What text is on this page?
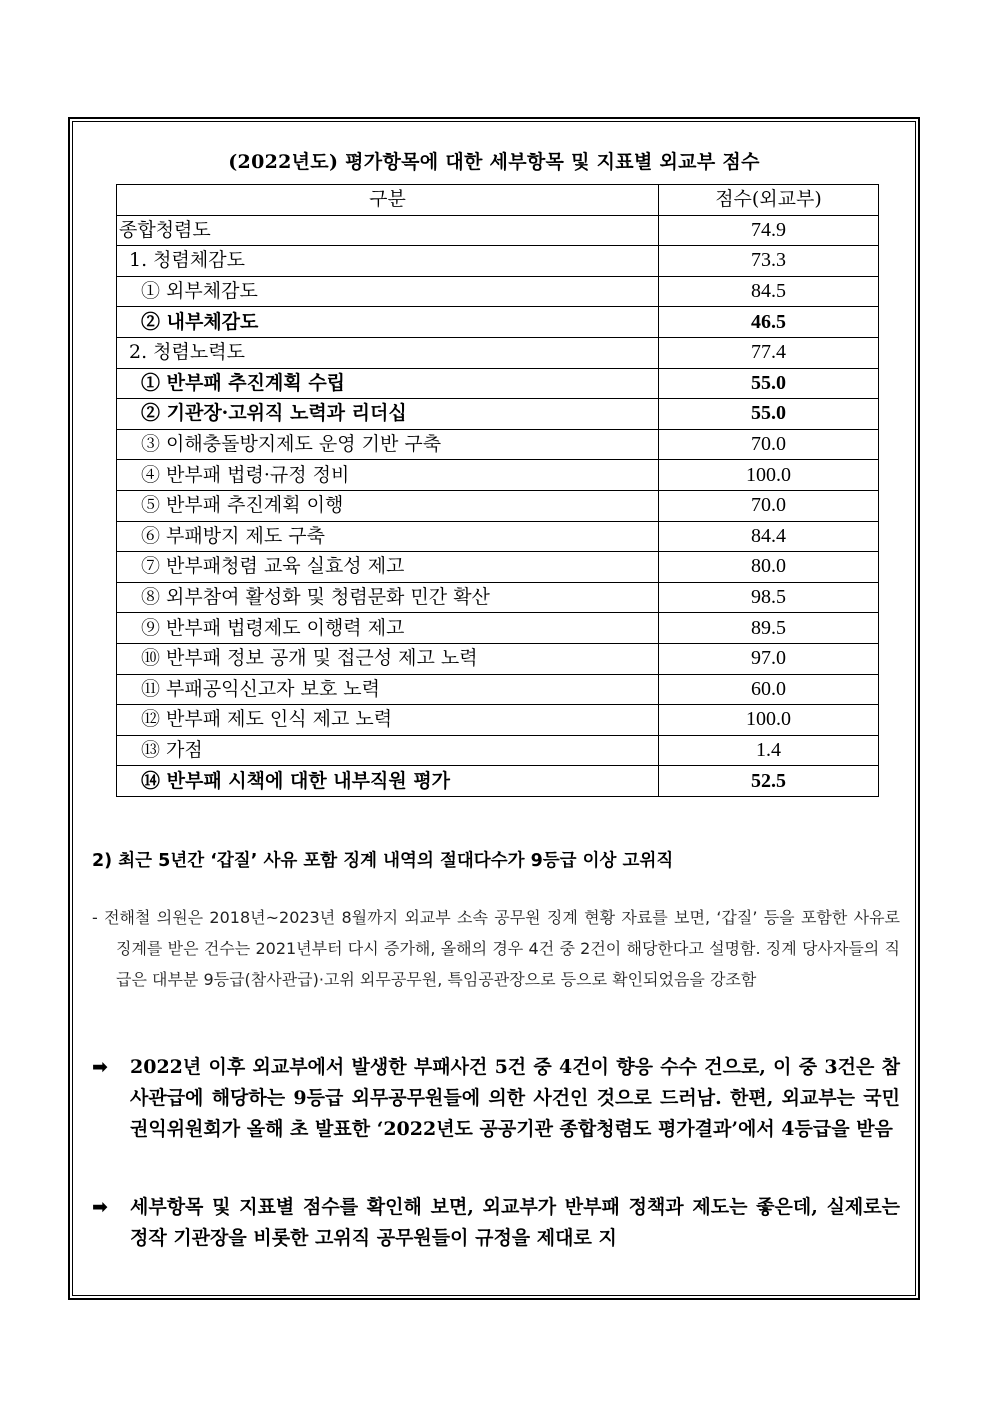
(2022년도) 평가항목에 대한 세부항목 및 지표별 외교부 점수
구분	점수(외교부)
종합청렴도	74.9
1. 청렴체감도	73.3
① 외부체감도	84.5
② 내부체감도	46.5
2. 청렴노력도	77.4
① 반부패 추진계획 수립	55.0
② 기관장·고위직 노력과 리더십	55.0
③ 이해충돌방지제도 운영 기반 구축	70.0
④ 반부패 법령·규정 정비	100.0
⑤ 반부패 추진계획 이행	70.0
⑥ 부패방지 제도 구축	84.4
⑦ 반부패청렴 교육 실효성 제고	80.0
⑧ 외부참여 활성화 및 청렴문화 민간 확산	98.5
⑨ 반부패 법령제도 이행력 제고	89.5
⑩ 반부패 정보 공개 및 접근성 제고 노력	97.0
⑪ 부패공익신고자 보호 노력	60.0
⑫ 반부패 제도 인식 제고 노력	100.0
⑬ 가점	1.4
⑭ 반부패 시책에 대한 내부직원 평가	52.5
2) 최근 5년간 ‘갑질’ 사유 포함 징계 내역의 절대다수가 9등급 이상 고위직
- 전해철 의원은 2018년~2023년 8월까지 외교부 소속 공무원 징계 현황 자료를 보면, ‘갑질’ 등을 포함한 사유로 징계를 받은 건수는 2021년부터 다시 증가해, 올해의 경우 4건 중 2건이 해당한다고 설명함. 징계 당사자들의 직급은 대부분 9등급(참사관급)·고위 외무공무원, 특임공관장으로 등으로 확인되었음을 강조함
➡ 2022년 이후 외교부에서 발생한 부패사건 5건 중 4건이 향응 수수 건으로, 이 중 3건은 참사관급에 해당하는 9등급 외무공무원들에 의한 사건인 것으로 드러남. 한편, 외교부는 국민권익위원회가 올해 초 발표한 ‘2022년도 공공기관 종합청렴도 평가결과’에서 4등급을 받음
➡ 세부항목 및 지표별 점수를 확인해 보면, 외교부가 반부패 정책과 제도는 좋은데, 실제로는 정작 기관장을 비롯한 고위직 공무원들이 규정을 제대로 지
